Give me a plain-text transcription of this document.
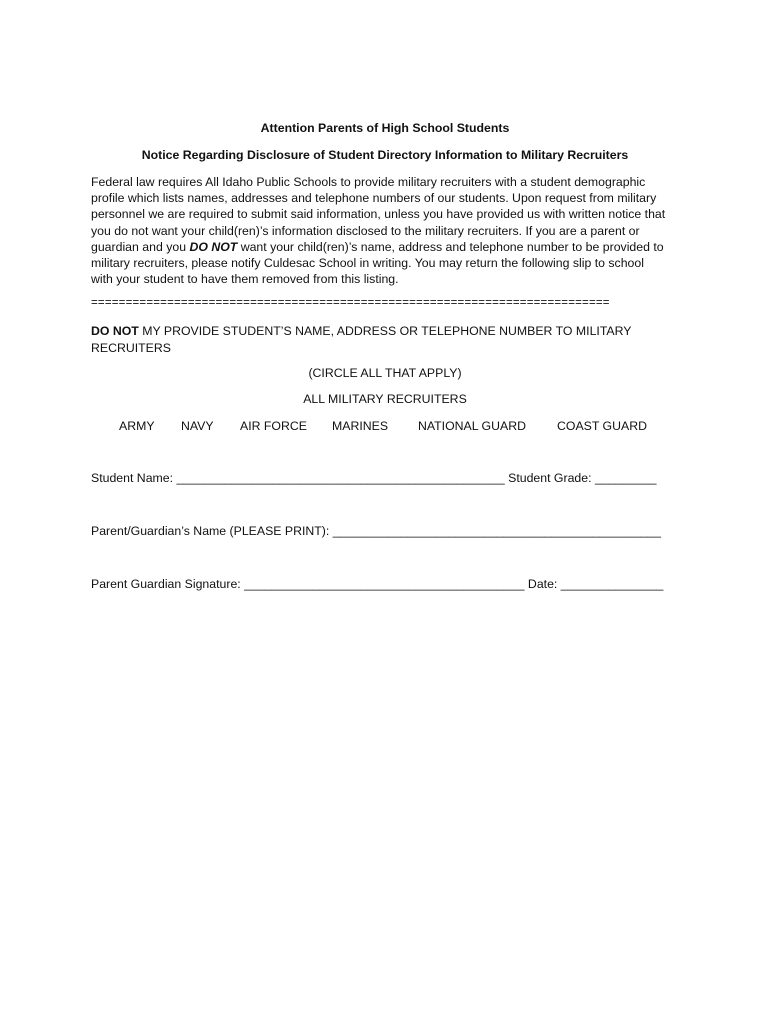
Attention Parents of High School Students
Notice Regarding Disclosure of Student Directory Information to Military Recruiters

Federal law requires All Idaho Public Schools to provide military recruiters with a student demographic
profile which lists names, addresses and telephone numbers of our students. Upon request from military
personnel we are required to submit said information, unless you have provided us with written notice that
you do not want your child(ren)’s information disclosed to the military recruiters. If you are a parent or
guardian and you DO NOT want your child(ren)’s name, address and telephone number to be provided to
military recruiters, please notify Culdesac School in writing. You may return the following slip to school
with your student to have them removed from this listing.

===========================================================================

DO NOT MY PROVIDE STUDENT’S NAME, ADDRESS OR TELEPHONE NUMBER TO MILITARY
RECRUITERS

(CIRCLE ALL THAT APPLY)
ALL MILITARY RECRUITERS
ARMY NAVY AIR FORCE MARINES NATIONAL GUARD	COAST GUARD
Student Name: ________________________________________________ Student Grade: _________
Parent/Guardian’s Name (PLEASE PRINT): ________________________________________________
Parent Guardian Signature: _________________________________________ Date: _______________
